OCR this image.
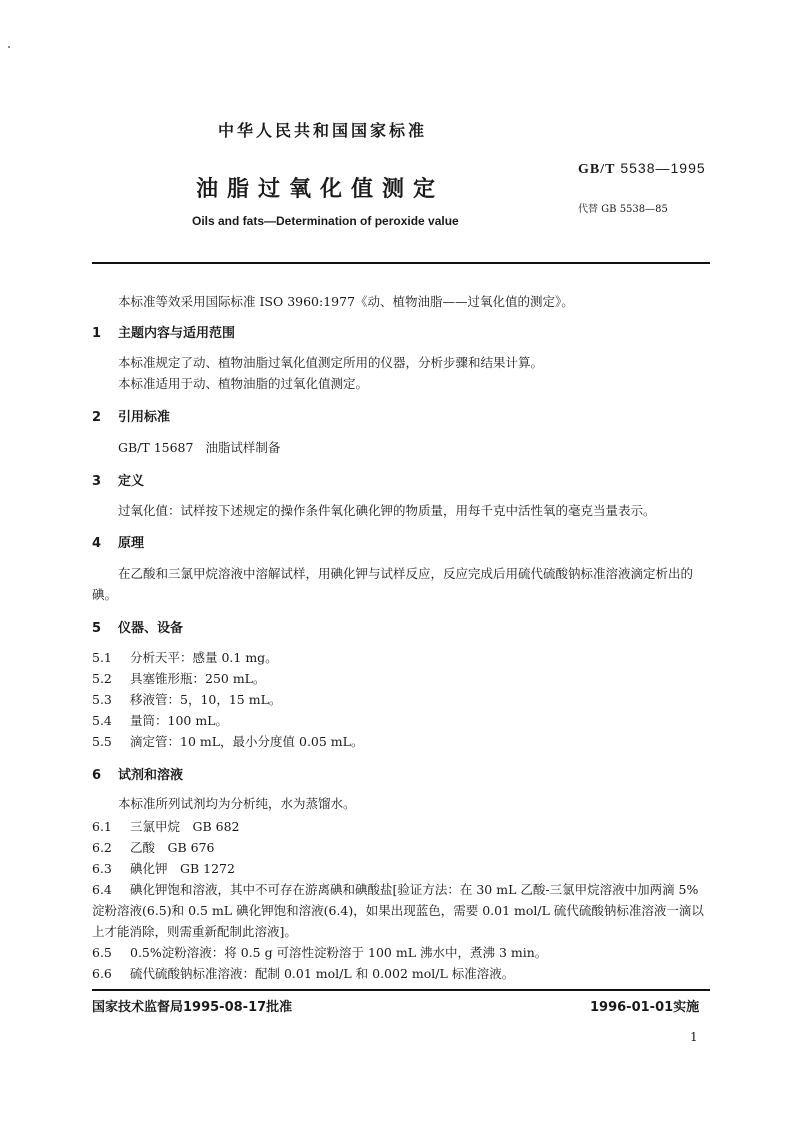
中华人民共和国国家标准
油脂过氧化值测定
Oils and fats—Determination of peroxide value
GB/T 5538—1995
代替 GB 5538—85
本标准等效采用国际标准 ISO 3960:1977《动、植物油脂——过氧化值的测定》。
1 主题内容与适用范围
本标准规定了动、植物油脂过氧化值测定所用的仪器，分析步骤和结果计算。
本标准适用于动、植物油脂的过氧化值测定。
2 引用标准
GB/T 15687 油脂试样制备
3 定义
过氧化值：试样按下述规定的操作条件氧化碘化钾的物质量，用每千克中活性氧的毫克当量表示。
4 原理
在乙酸和三氯甲烷溶液中溶解试样，用碘化钾与试样反应，反应完成后用硫代硫酸钠标准溶液滴定析出的碘。
5 仪器、设备
5.1 分析天平：感量 0.1 mg。
5.2 具塞锥形瓶：250 mL。
5.3 移液管：5，10，15 mL。
5.4 量筒：100 mL。
5.5 滴定管：10 mL，最小分度值 0.05 mL。
6 试剂和溶液
本标准所列试剂均为分析纯，水为蒸馏水。
6.1 三氯甲烷　GB 682
6.2 乙酸　GB 676
6.3 碘化钾　GB 1272
6.4 碘化钾饱和溶液，其中不可存在游离碘和碘酸盐[验证方法：在 30 mL 乙酸-三氯甲烷溶液中加两滴 5%淀粉溶液(6.5)和 0.5 mL 碘化钾饱和溶液(6.4)，如果出现蓝色，需要 0.01 mol/L 硫代硫酸钠标准溶液一滴以上才能消除，则需重新配制此溶液]。
6.5 0.5%淀粉溶液：将 0.5 g 可溶性淀粉溶于 100 mL 沸水中，煮沸 3 min。
6.6 硫代硫酸钠标准溶液：配制 0.01 mol/L 和 0.002 mol/L 标准溶液。
国家技术监督局1995-08-17批准	1996-01-01实施
1
